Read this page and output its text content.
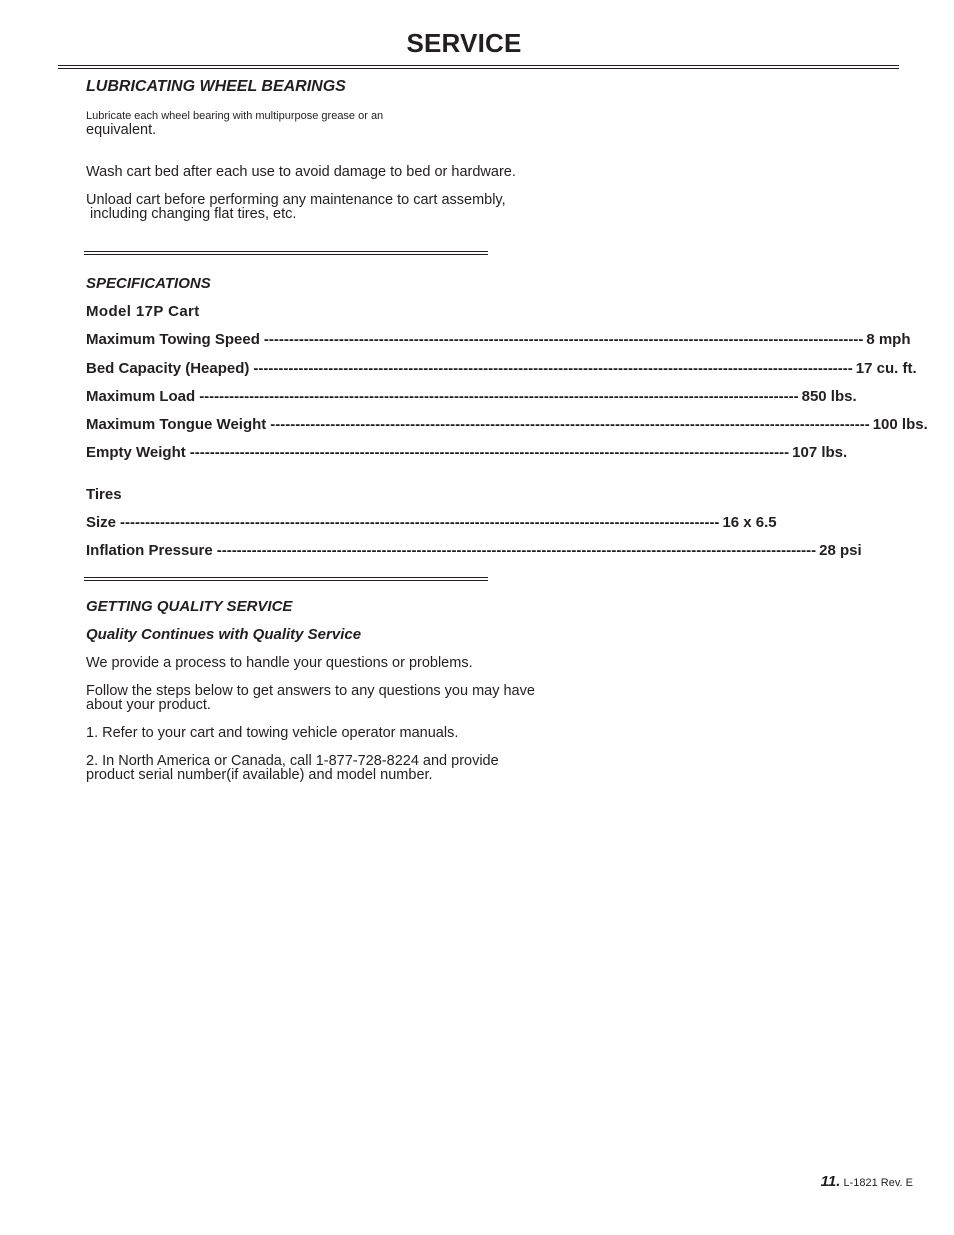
SERVICE
LUBRICATING WHEEL BEARINGS
Lubricate each wheel bearing with multipurpose grease or an
equivalent.
Wash cart bed after each use to avoid damage to bed or hardware.
Unload cart before performing any maintenance to cart assembly,
including changing flat tires, etc.
SPECIFICATIONS
Model 17P Cart
Maximum Towing Speed ------------------------------------------------------------------------------------------------------------------------ 8 mph
Bed Capacity (Heaped) ------------------------------------------------------------------------------------------------------------------------ 17 cu. ft.
Maximum Load ------------------------------------------------------------------------------------------------------------------------ 850 lbs.
Maximum Tongue Weight ------------------------------------------------------------------------------------------------------------------------ 100 lbs.
Empty Weight ------------------------------------------------------------------------------------------------------------------------ 107 lbs.
Tires
Size ------------------------------------------------------------------------------------------------------------------------ 16 x 6.5
Inflation Pressure ------------------------------------------------------------------------------------------------------------------------ 28 psi
GETTING QUALITY SERVICE
Quality Continues with Quality Service
We provide a process to handle your questions or problems.
Follow the steps below to get answers to any questions you may have
about your product.
1. Refer to your cart and towing vehicle operator manuals.
2. In North America or Canada, call 1-877-728-8224 and provide
product serial number(if available) and model number.
11. L-1821 Rev. E
